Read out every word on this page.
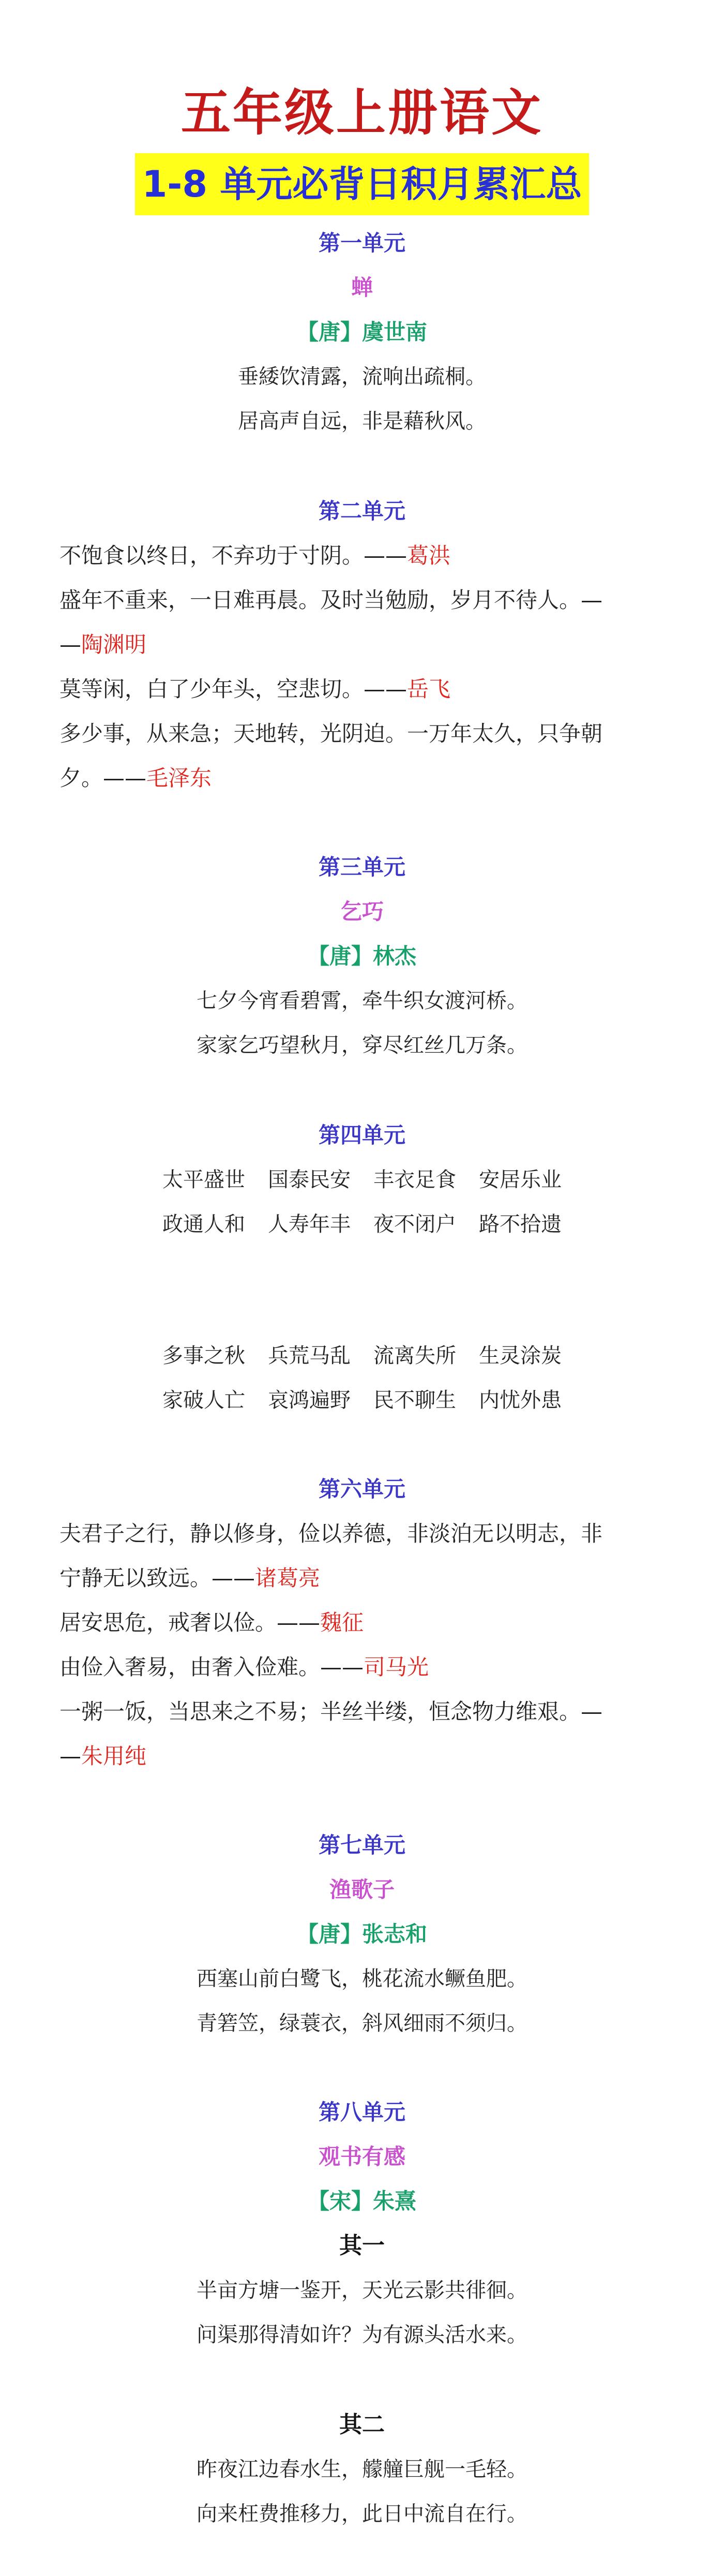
五年级上册语文
1-8 单元必背日积月累汇总
第一单元
蝉
【唐】虞世南
垂緌饮清露，流响出疏桐。
居高声自远，非是藉秋风。
第二单元
不饱食以终日，不弃功于寸阴。——葛洪
盛年不重来，一日难再晨。及时当勉励，岁月不待人。—
—陶渊明
莫等闲，白了少年头，空悲切。——岳飞
多少事，从来急；天地转，光阴迫。一万年太久，只争朝
夕。——毛泽东
第三单元
乞巧
【唐】林杰
七夕今宵看碧霄，牵牛织女渡河桥。
家家乞巧望秋月，穿尽红丝几万条。
第四单元
太平盛世 国泰民安 丰衣足食 安居乐业
政通人和 人寿年丰 夜不闭户 路不拾遗
多事之秋 兵荒马乱 流离失所 生灵涂炭
家破人亡 哀鸿遍野 民不聊生 内忧外患
第六单元
夫君子之行，静以修身，俭以养德，非淡泊无以明志，非
宁静无以致远。——诸葛亮
居安思危，戒奢以俭。——魏征
由俭入奢易，由奢入俭难。——司马光
一粥一饭，当思来之不易；半丝半缕，恒念物力维艰。—
—朱用纯
第七单元
渔歌子
【唐】张志和
西塞山前白鹭飞，桃花流水鳜鱼肥。
青箬笠，绿蓑衣，斜风细雨不须归。
第八单元
观书有感
【宋】朱熹
其一
半亩方塘一鉴开，天光云影共徘徊。
问渠那得清如许？为有源头活水来。
其二
昨夜江边春水生，艨艟巨舰一毛轻。
向来枉费推移力，此日中流自在行。
